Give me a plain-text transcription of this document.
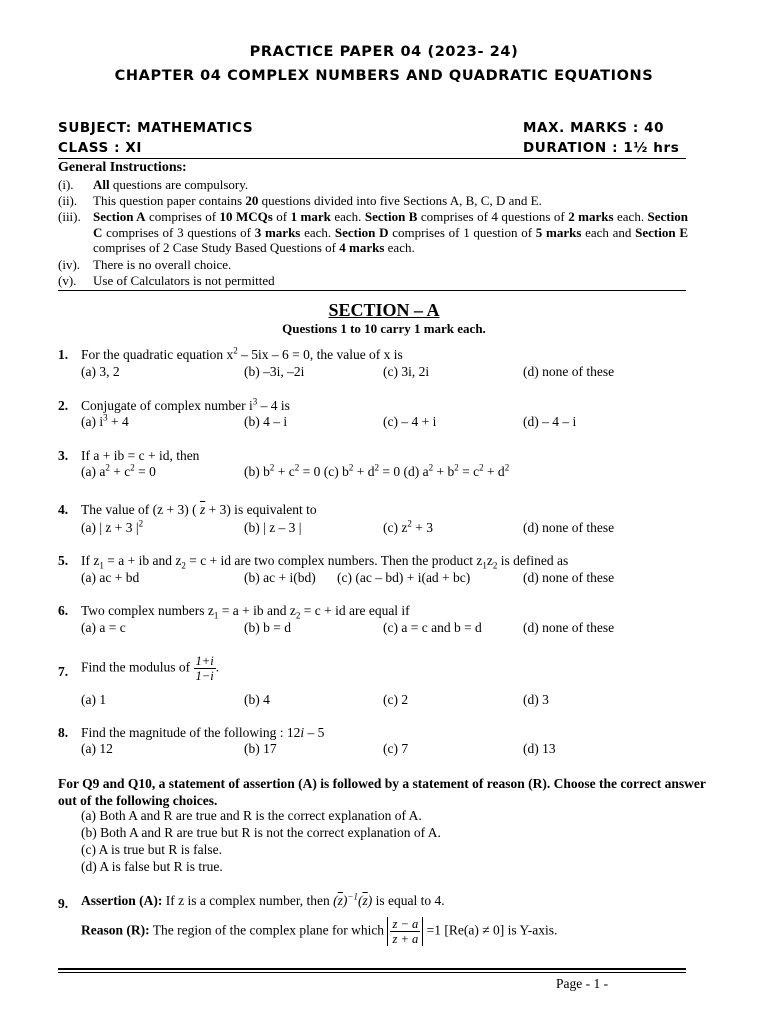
PRACTICE PAPER 04 (2023- 24)
CHAPTER 04 COMPLEX NUMBERS AND QUADRATIC EQUATIONS
SUBJECT: MATHEMATICS	MAX. MARKS : 40
CLASS : XI	DURATION : 1½ hrs
General Instructions:
(i). All questions are compulsory.
(ii). This question paper contains 20 questions divided into five Sections A, B, C, D and E.
(iii). Section A comprises of 10 MCQs of 1 mark each. Section B comprises of 4 questions of 2 marks each. Section C comprises of 3 questions of 3 marks each. Section D comprises of 1 question of 5 marks each and Section E comprises of 2 Case Study Based Questions of 4 marks each.
(iv). There is no overall choice.
(v). Use of Calculators is not permitted
SECTION – A
Questions 1 to 10 carry 1 mark each.
1. For the quadratic equation $x^2 - 5ix - 6 = 0$, the value of x is
(a) 3, 2	(b) –3i, –2i	(c) 3i, 2i	(d) none of these
2. Conjugate of complex number $i^3 - 4$ is
(a) $i^3 + 4$	(b) 4 – i	(c) – 4 + i	(d) – 4 – i
3. If a + ib = c + id, then
(a) $a^2 + c^2 = 0$	(b) $b^2 + c^2 = 0$ (c) $b^2 + d^2 = 0$ (d) $a^2 + b^2 = c^2 + d^2$
4. The value of (z + 3) ( $\overline{z} + 3$) is equivalent to
(a) | z + 3 $|^2$	(b) | z – 3 |	(c) $z^2 + 3$	(d) none of these
5. If $z_1 = a$ + ib and $z_2 = c$ + id are two complex numbers. Then the product $z_1z_2$ is defined as
(a) ac + bd	(b) ac + i(bd) (c) (ac – bd) + i(ad + bc)	(d) none of these
6. Two complex numbers $z_1 = a$ + ib and $z_2 = c$ + id are equal if
(a) a = c	(b) b = d	(c) a = c and b = d	(d) none of these
7. Find the modulus of $\frac{1+i}{1-i}$ .
(a) 1	(b) 4	(c) 2	(d) 3
8. Find the magnitude of the following : 12i – 5
(a) 12	(b) 17	(c) 7	(d) 13
For Q9 and Q10, a statement of assertion (A) is followed by a statement of reason (R). Choose the correct answer out of the following choices.
(a) Both A and R are true and R is the correct explanation of A.
(b) Both A and R are true but R is not the correct explanation of A.
(c) A is true but R is false.
(d) A is false but R is true.
9. Assertion (A): If z is a complex number, then $(\overline{z})^{-1}(\overline{z})$ is equal to 4.
Reason (R): The region of the complex plane for which $\frac{z - a}{z + a} =1$ [Re(a) ≠ 0] is Y-axis.
Page - 1 -
